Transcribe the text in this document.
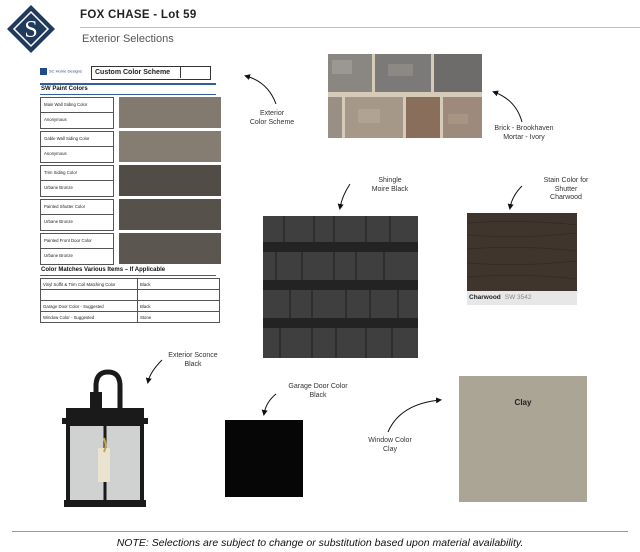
S
FOX CHASE - Lot 59
Exterior Selections
SC Home Designs	Custom Color Scheme
SW Paint Colors
Main Wall Siding Color
Anonymous
Gable Wall Siding Color
Anonymous
Trim Siding Color
Urbane Bronze
Painted Shutter Color
Urbane Bronze
Painted Front Door Color
Urbane Bronze
Color Matches Various Items – If Applicable
Vinyl Soffit & Trim Coil Matching Color	Black

Garage Door Color - Suggested	Black
Window Color - Suggested	Stone
Charwood SW 3542
Clay
Exterior
Color Scheme
Brick - Brookhaven
Mortar - Ivory
Shingle
Moire Black
Stain Color for
Shutter
Charwood
Exterior Sconce
Black
Garage Door Color
Black
Window Color
Clay
NOTE: Selections are subject to change or substitution based upon material availability.
